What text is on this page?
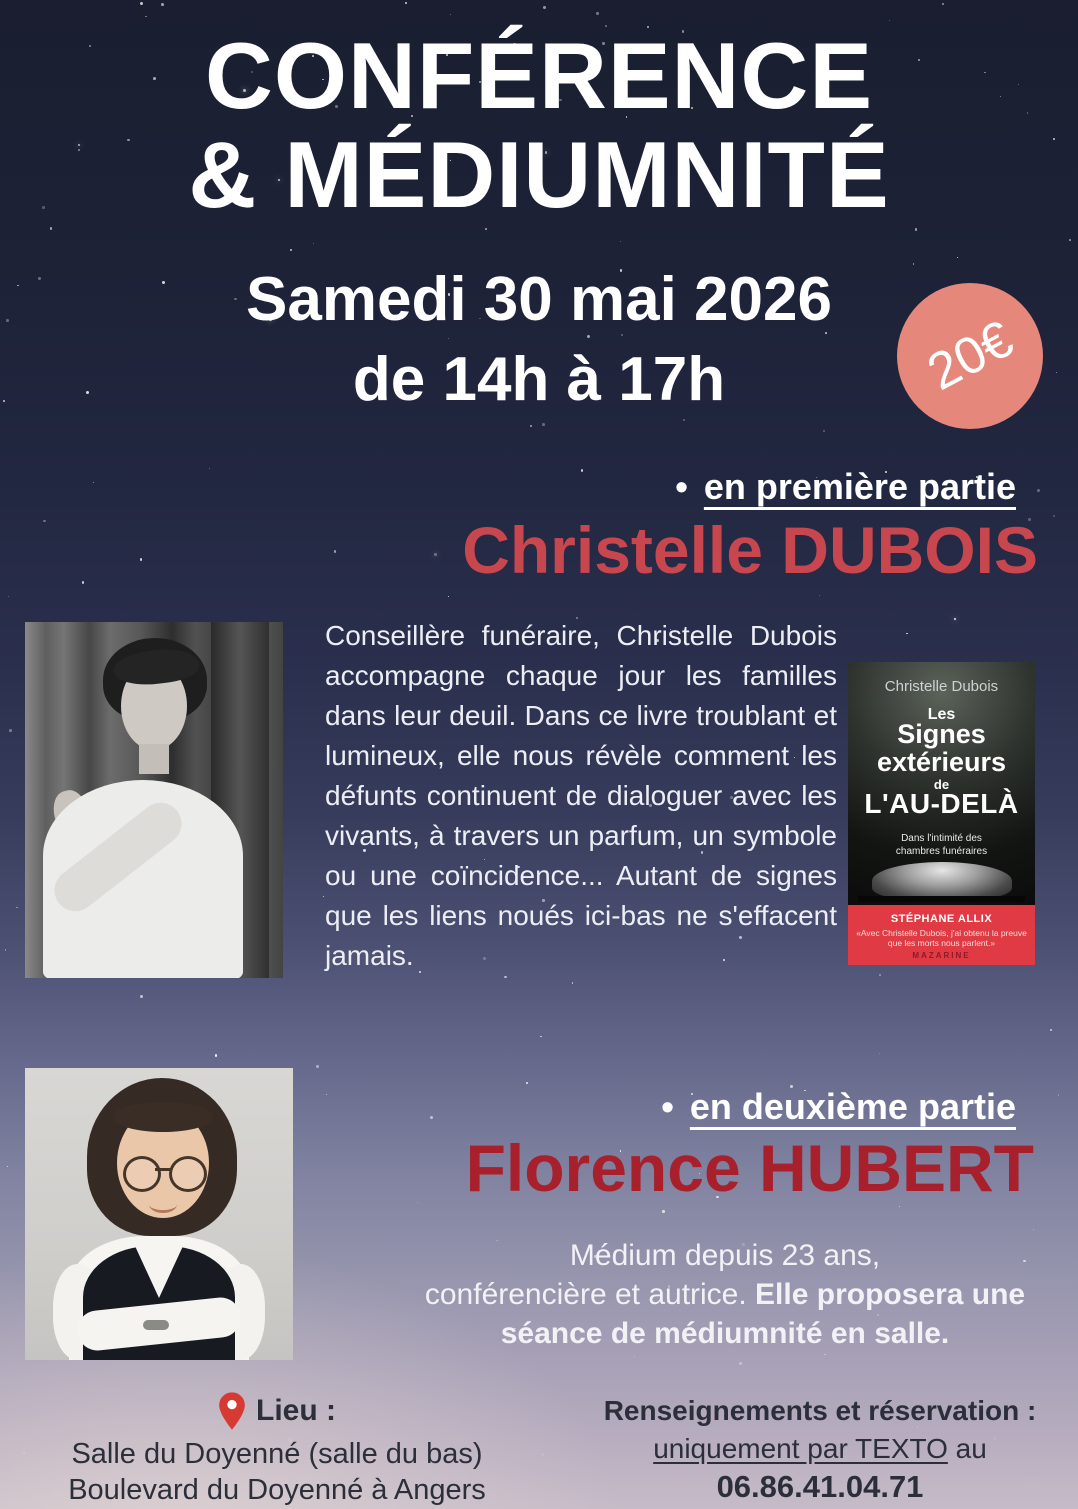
CONFÉRENCE
& MÉDIUMNITÉ
Samedi 30 mai 2026
de 14h à 17h	20€
• en première partie
Christelle DUBOIS

Conseillère funéraire, Christelle Dubois accompagne chaque jour les familles dans leur deuil. Dans ce livre troublant et lumineux, elle nous révèle comment les défunts continuent de dialoguer avec les vivants, à travers un parfum, un symbole ou une coïncidence... Autant de signes que les liens noués ici-bas ne s'effacent jamais.

Christelle Dubois
Les
Signes
extérieurs
de
L'AU-DELÀ
Dans l'intimité des chambres funéraires
STÉPHANE ALLIX
«Avec Christelle Dubois, j'ai obtenu la preuve que les morts nous parlent.»
MAZARINE
• en deuxième partie
Florence HUBERT
Médium depuis 23 ans,
conférencière et autrice. Elle proposera une
séance de médiumnité en salle.
Lieu :
Salle du Doyenné (salle du bas)
Boulevard du Doyenné à Angers
Renseignements et réservation :
uniquement par TEXTO au
06.86.41.04.71
